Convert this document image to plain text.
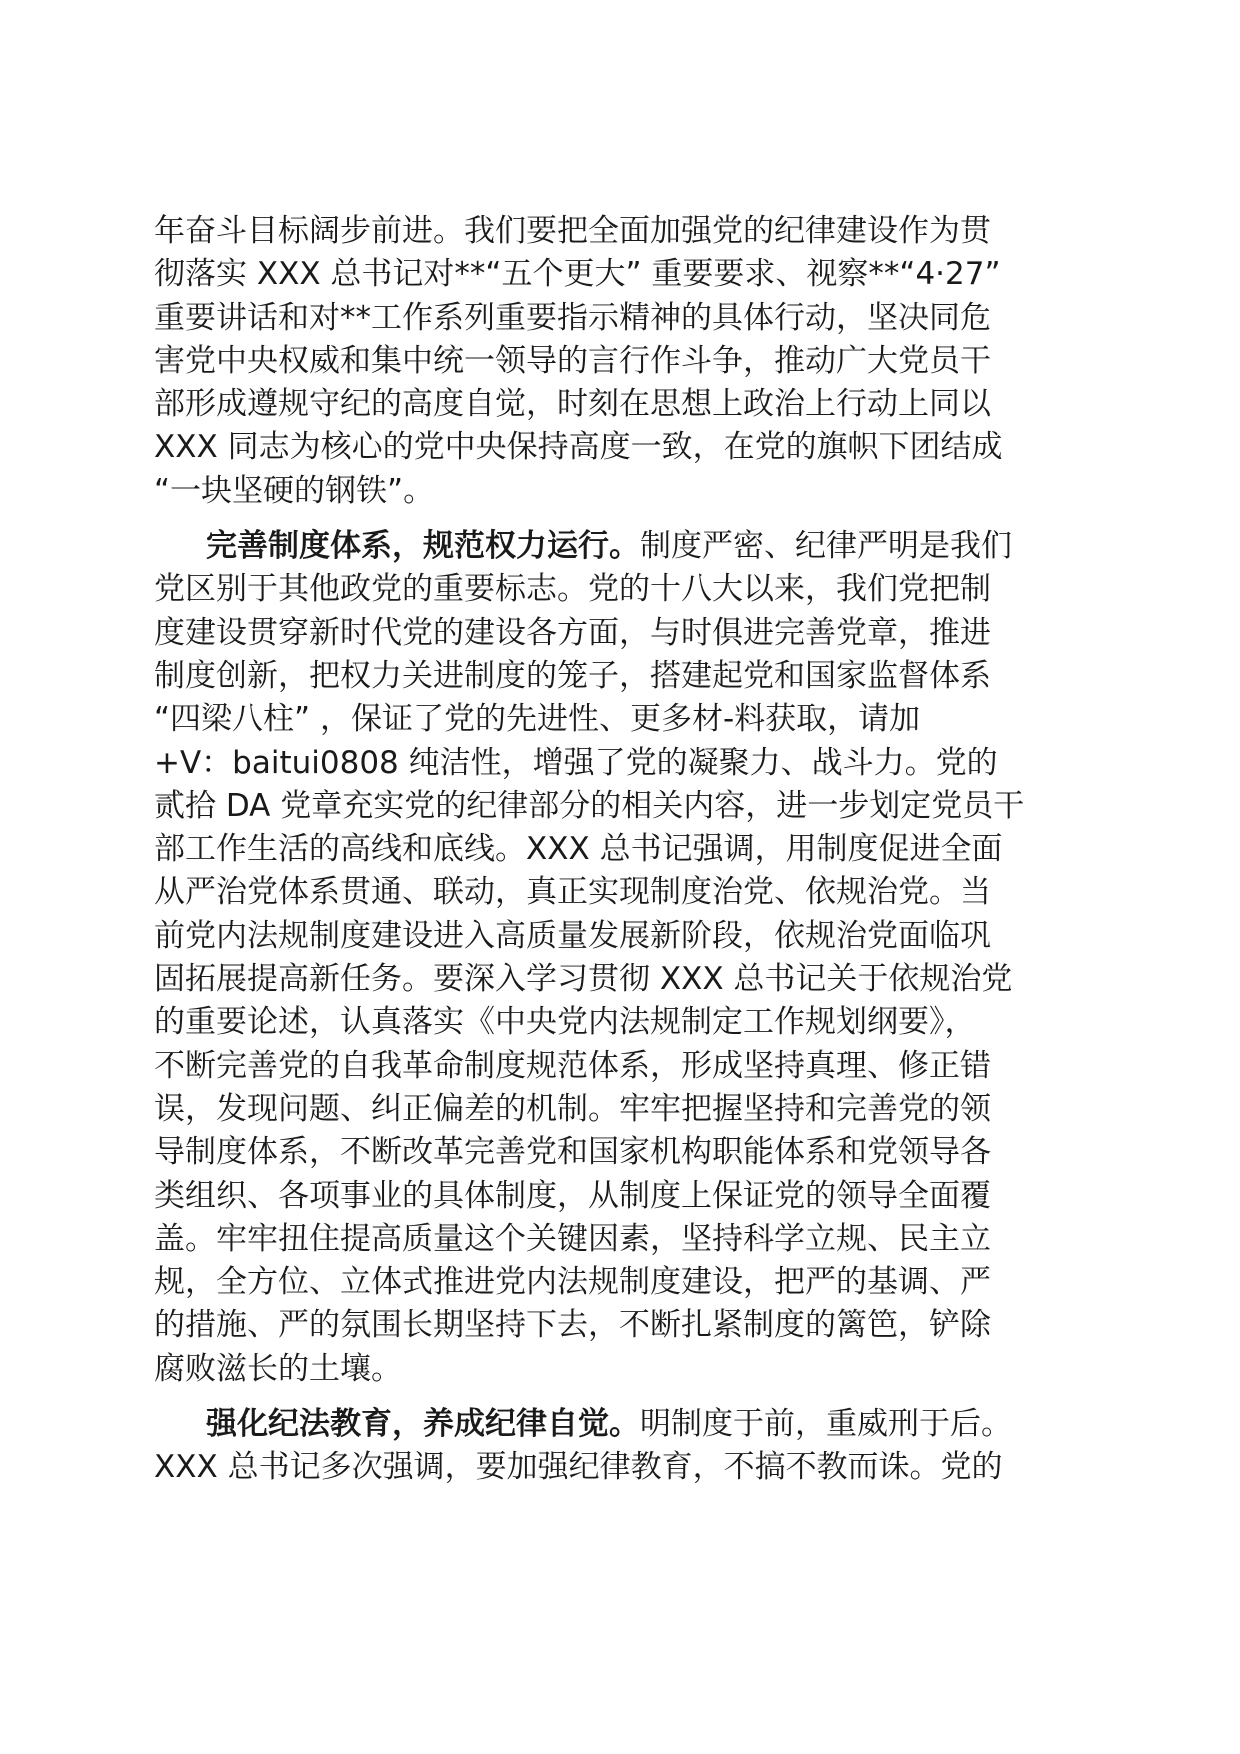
年奋斗目标阔步前进。我们要把全面加强党的纪律建设作为贯
彻落实 XXX 总书记对**“五个更大” 重要要求、视察**“4·27”
重要讲话和对**工作系列重要指示精神的具体行动，坚决同危
害党中央权威和集中统一领导的言行作斗争，推动广大党员干
部形成遵规守纪的高度自觉，时刻在思想上政治上行动上同以
XXX 同志为核心的党中央保持高度一致，在党的旗帜下团结成
“一块坚硬的钢铁”。
完善制度体系，规范权力运行。制度严密、纪律严明是我们
党区别于其他政党的重要标志。党的十八大以来，我们党把制
度建设贯穿新时代党的建设各方面，与时俱进完善党章，推进
制度创新，把权力关进制度的笼子，搭建起党和国家监督体系
“四梁八柱” ，保证了党的先进性、更多材-料获取，请加
+V：baitui0808 纯洁性，增强了党的凝聚力、战斗力。党的
贰拾 DA 党章充实党的纪律部分的相关内容，进一步划定党员干
部工作生活的高线和底线。XXX 总书记强调，用制度促进全面
从严治党体系贯通、联动，真正实现制度治党、依规治党。当
前党内法规制度建设进入高质量发展新阶段，依规治党面临巩
固拓展提高新任务。要深入学习贯彻 XXX 总书记关于依规治党
的重要论述，认真落实《中央党内法规制定工作规划纲要》，
不断完善党的自我革命制度规范体系，形成坚持真理、修正错
误，发现问题、纠正偏差的机制。牢牢把握坚持和完善党的领
导制度体系，不断改革完善党和国家机构职能体系和党领导各
类组织、各项事业的具体制度，从制度上保证党的领导全面覆
盖。牢牢扭住提高质量这个关键因素，坚持科学立规、民主立
规，全方位、立体式推进党内法规制度建设，把严的基调、严
的措施、严的氛围长期坚持下去，不断扎紧制度的篱笆，铲除
腐败滋长的土壤。
强化纪法教育，养成纪律自觉。明制度于前，重威刑于后。
XXX 总书记多次强调，要加强纪律教育，不搞不教而诛。党的
